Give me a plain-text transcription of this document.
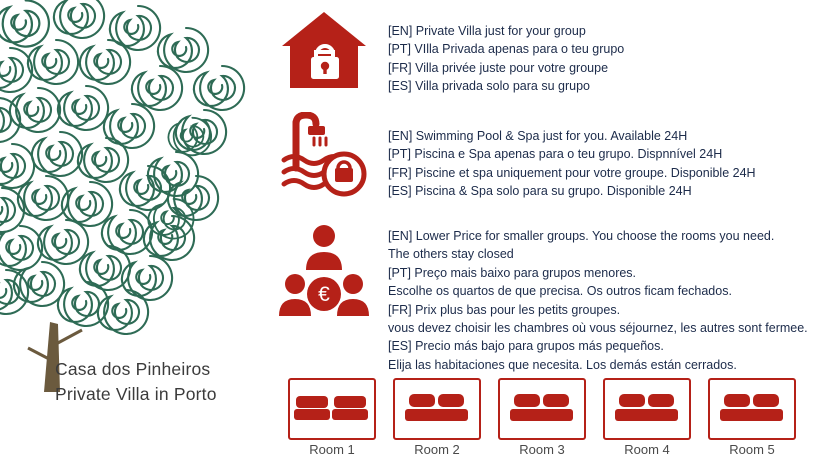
Casa dos Pinheiros
Private Villa in Porto
[EN] Private Villa just for your group
[PT] VIlla Privada apenas para o teu grupo
[FR] Villa privée juste pour votre groupe
[ES] Villa privada solo para su grupo
[EN] Swimming Pool & Spa just for you. Available 24H
[PT] Piscina e Spa apenas para o teu grupo. Dispnnível 24H
[FR] Piscine et spa uniquement pour votre groupe. Disponible 24H
[ES] Piscina & Spa solo para su grupo. Disponible 24H
€
[EN] Lower Price for smaller groups. You choose the rooms you need.
The others stay closed
[PT] Preço mais baixo para grupos menores.
Escolhe os quartos de que precisa. Os outros ficam fechados.
[FR] Prix plus bas pour les petits groupes.
vous devez choisir les chambres où vous séjournez, les autres sont fermee.
[ES] Precio más bajo para grupos más pequeños.
Elija las habitaciones que necesita. Los demás están cerrados.
Room 1	Room 2	Room 3	Room 4	Room 5
